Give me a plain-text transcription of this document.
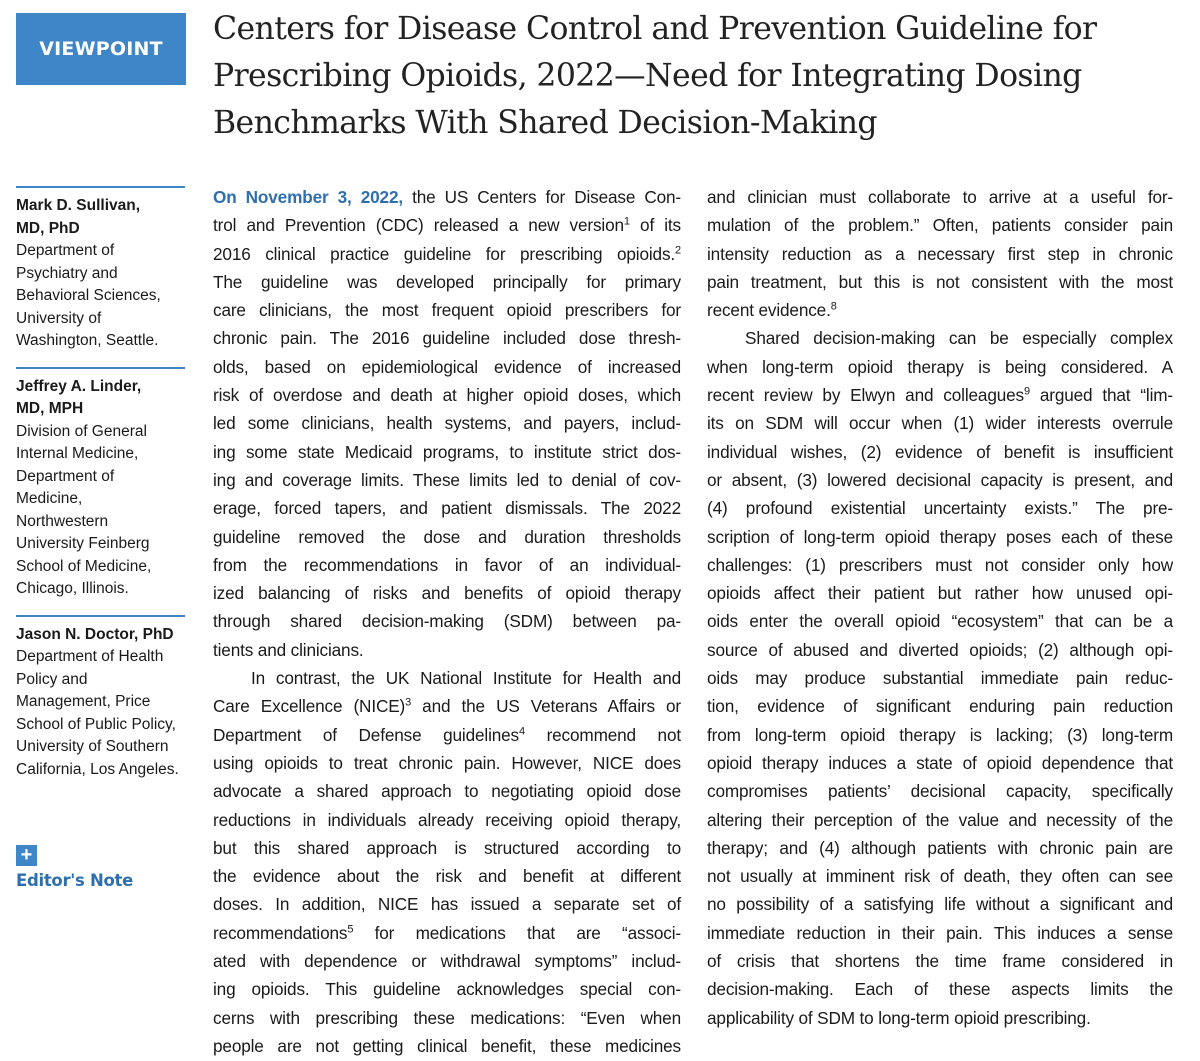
VIEWPOINT
Centers for Disease Control and Prevention Guideline for
Prescribing Opioids, 2022—Need for Integrating Dosing
Benchmarks With Shared Decision-Making
Mark D. Sullivan,
MD, PhD
Department of
Psychiatry and
Behavioral Sciences,
University of
Washington, Seattle.
Jeffrey A. Linder,
MD, MPH
Division of General
Internal Medicine,
Department of
Medicine,
Northwestern
University Feinberg
School of Medicine,
Chicago, Illinois.
Jason N. Doctor, PhD
Department of Health
Policy and
Management, Price
School of Public Policy,
University of Southern
California, Los Angeles.
+
Editor's Note
On November 3, 2022, the US Centers for Disease Con-
trol and Prevention (CDC) released a new version$^1$ of its
2016 clinical practice guideline for prescribing opioids.$^2$
The guideline was developed principally for primary
care clinicians, the most frequent opioid prescribers for
chronic pain. The 2016 guideline included dose thresh-
olds, based on epidemiological evidence of increased
risk of overdose and death at higher opioid doses, which
led some clinicians, health systems, and payers, includ-
ing some state Medicaid programs, to institute strict dos-
ing and coverage limits. These limits led to denial of cov-
erage, forced tapers, and patient dismissals. The 2022
guideline removed the dose and duration thresholds
from the recommendations in favor of an individual-
ized balancing of risks and benefits of opioid therapy
through shared decision-making (SDM) between pa-
tients and clinicians.
In contrast, the UK National Institute for Health and
Care Excellence (NICE)$^3$ and the US Veterans Affairs or
Department of Defense guidelines$^4$ recommend not
using opioids to treat chronic pain. However, NICE does
advocate a shared approach to negotiating opioid dose
reductions in individuals already receiving opioid therapy,
but this shared approach is structured according to
the evidence about the risk and benefit at different
doses. In addition, NICE has issued a separate set of
recommendations$^5$ for medications that are “associ-
ated with dependence or withdrawal symptoms” includ-
ing opioids. This guideline acknowledges special con-
cerns with prescribing these medications: “Even when
people are not getting clinical benefit, these medicines
and clinician must collaborate to arrive at a useful for-
mulation of the problem.” Often, patients consider pain
intensity reduction as a necessary first step in chronic
pain treatment, but this is not consistent with the most
recent evidence.$^8$
Shared decision-making can be especially complex
when long-term opioid therapy is being considered. A
recent review by Elwyn and colleagues$^9$ argued that “lim-
its on SDM will occur when (1) wider interests overrule
individual wishes, (2) evidence of benefit is insufficient
or absent, (3) lowered decisional capacity is present, and
(4) profound existential uncertainty exists.” The pre-
scription of long-term opioid therapy poses each of these
challenges: (1) prescribers must not consider only how
opioids affect their patient but rather how unused opi-
oids enter the overall opioid “ecosystem” that can be a
source of abused and diverted opioids; (2) although opi-
oids may produce substantial immediate pain reduc-
tion, evidence of significant enduring pain reduction
from long-term opioid therapy is lacking; (3) long-term
opioid therapy induces a state of opioid dependence that
compromises patients’ decisional capacity, specifically
altering their perception of the value and necessity of the
therapy; and (4) although patients with chronic pain are
not usually at imminent risk of death, they often can see
no possibility of a satisfying life without a significant and
immediate reduction in their pain. This induces a sense
of crisis that shortens the time frame considered in
decision-making. Each of these aspects limits the
applicability of SDM to long-term opioid prescribing.
